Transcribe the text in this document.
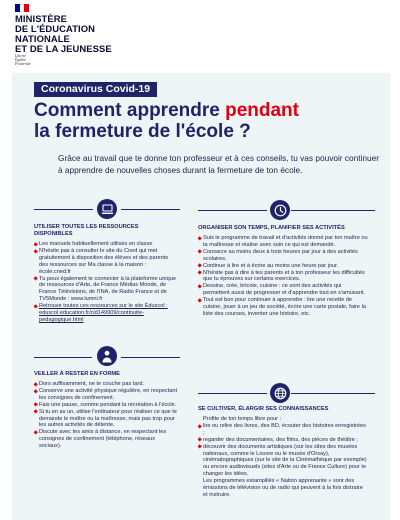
MINISTÈRE
DE L'ÉDUCATION
NATIONALE
ET DE LA JEUNESSE
Liberté
Égalité
Fraternité
Coronavirus Covid-19
Comment apprendre pendant
la fermeture de l'école ?
Grâce au travail que te donne ton professeur et à ces conseils, tu vas pouvoir continuer à apprendre de nouvelles choses durant la fermeture de ton école.
UTILISER TOUTES LES RESSOURCES
DISPONIBLES
Les manuels habituellement utilisés en classe
N'hésite pas à consulter le site du Cned qui met gratuitement à disposition des élèves et des parents des ressources sur Ma classe à la maison : école.cned.fr
Tu peux également te connecter à la plateforme unique de ressources d'Arte, de France Médias Monde, de France Télévisions, de l'INA, de Radio France et de TV5Monde : www.lumni.fr
Retrouve toutes ces ressources sur le site Éduscol : eduscol.education.fr/cid149909/continuite-pedagogique.html
VEILLER À RESTER EN FORME
Dors suffisamment, ne te couche pas tard.
Conserve une activité physique régulière, en respectant les consignes de confinement.
Fais une pause, comme pendant la récréation à l'école.
Si tu en as un, utilise l'ordinateur pour réaliser ce que te demande le maître ou la maîtresse, mais pas trop pour les autres activités de détente.
Discute avec tes amis à distance, en respectant les consignes de confinement (téléphone, réseaux sociaux).
ORGANISER SON TEMPS, PLANIFIER SES ACTIVITÉS
Suis le programme de travail et d'activités donné par ton maître ou ta maîtresse et réalise avec soin ce qui est demandé.
Consacre au moins deux à trois heures par jour à des activités scolaires.
Continue à lire et à écrire au moins une heure par jour.
N'hésite pas à dire à tes parents et à ton professeur les difficultés que tu éprouves sur certains exercices.
Dessine, crée, bricole, cuisine : ce sont des activités qui permettent aussi de progresser et d'apprendre tout en s'amusant.
Tout est bon pour continuer à apprendre : lire une recette de cuisine, jouer à un jeu de société, écrire une carte postale, faire la liste des courses, inventer une histoire, etc.
SE CULTIVER, ÉLARGIR SES CONNAISSANCES
Profite de ton temps libre pour :
lire ou relire des livres, des BD, écouter des histoires enregistrées ;
regarder des documentaires, des films, des pièces de théâtre ;
découvrir des documents artistiques (sur les sites des musées nationaux, comme le Louvre ou le musée d'Orsay), cinématographiques (sur le site de la Cinémathèque par exemple) ou encore audiovisuels (sites d'Arte ou de France Culture) pour te changer les idées.
Les programmes estampillés « Nation apprenante » sont des émissions de télévision ou de radio qui peuvent à la fois distraire et instruire.
